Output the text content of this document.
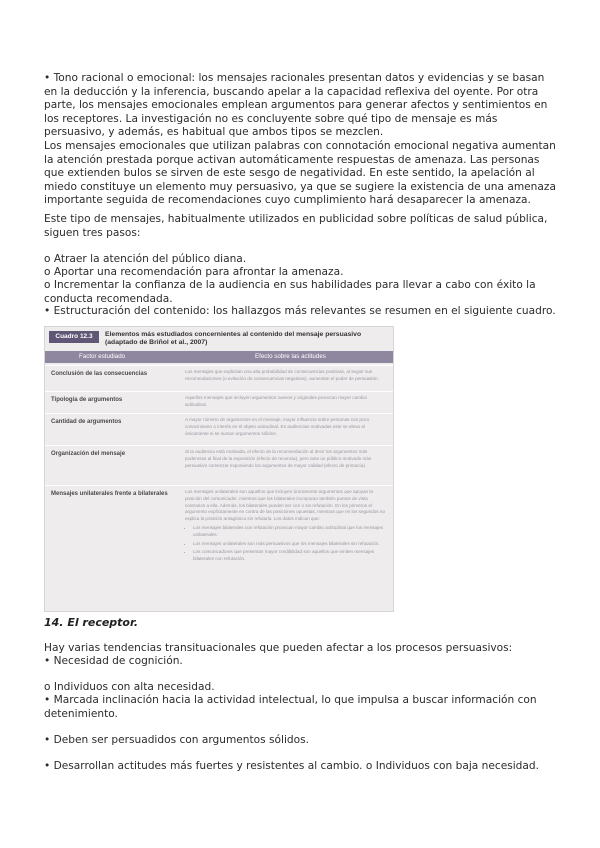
• Tono racional o emocional: los mensajes racionales presentan datos y evidencias y se basan en la deducción y la inferencia, buscando apelar a la capacidad reflexiva del oyente. Por otra parte, los mensajes emocionales emplean argumentos para generar afectos y sentimientos en los receptores. La investigación no es concluyente sobre qué tipo de mensaje es más persuasivo, y además, es habitual que ambos tipos se mezclen.

Los mensajes emocionales que utilizan palabras con connotación emocional negativa aumentan la atención prestada porque activan automáticamente respuestas de amenaza. Las personas que extienden bulos se sirven de este sesgo de negatividad. En este sentido, la apelación al miedo constituye un elemento muy persuasivo, ya que se sugiere la existencia de una amenaza importante seguida de recomendaciones cuyo cumplimiento hará desaparecer la amenaza.

Este tipo de mensajes, habitualmente utilizados en publicidad sobre políticas de salud pública, siguen tres pasos:

o Atraer la atención del público diana.

o Aportar una recomendación para afrontar la amenaza.

o Incrementar la confianza de la audiencia en sus habilidades para llevar a cabo con éxito la conducta recomendada.

• Estructuración del contenido: los hallazgos más relevantes se resumen en el siguiente cuadro.

Cuadro 12.3	Elementos más estudiados concernientes al contenido del mensaje persuasivo (adaptado de Briñol et al., 2007)
Factor estudiado	Efecto sobre las actitudes
Conclusión de las consecuencias	Los mensajes que explicitan una alta probabilidad de consecuencias positivas, al seguir sus recomendaciones (o evitación de consecuencias negativas), aumentan el poder de persuasión.
Tipología de argumentos	Aquellos mensajes que incluyen argumentos nuevos y originales provocan mayor cambio actitudinal.
Cantidad de argumentos	A mayor número de argumentos en el mensaje, mayor influencia sobre personas con poco conocimiento o interés en el objeto actitudinal. En audiencias motivadas este se eleva al únicamente si se suman argumentos sólidos.
Organización del mensaje	Si la audiencia está motivada, el efecto de la recomendación al decir los argumentos más poderosos al final de la exposición (efecto de recencia), pero ante un público motivado más persuasivo comenzar exponiendo los argumentos de mayor calidad (efecto de primacía).
Mensajes unilaterales frente a bilaterales	Los mensajes unilaterales son aquellos que incluyen únicamente argumentos que apoyan la posición del comunicador, mientras que los bilaterales incorporan también puntos de vista contrarios a ella. Además, los bilaterales pueden ser con o sin refutación. En los primeros el argumento explícitamente en contra de las posiciones opuestas, mientras que en los segundos no explica la posición antagónica sin refutarla. Los datos indican que:
• Los mensajes bilaterales con refutación provocan mayor cambio actitudinal que los mensajes unilaterales.
• Los mensajes unilaterales son más persuasivos que los mensajes bilaterales sin refutación.
• Los comunicadores que presentan mayor credibilidad son aquellos que emiten mensajes bilaterales con refutación.
14. El receptor.

Hay varias tendencias transituacionales que pueden afectar a los procesos persuasivos:

• Necesidad de cognición.

o Individuos con alta necesidad.

• Marcada inclinación hacia la actividad intelectual, lo que impulsa a buscar información con detenimiento.

• Deben ser persuadidos con argumentos sólidos.

• Desarrollan actitudes más fuertes y resistentes al cambio. o Individuos con baja necesidad.
